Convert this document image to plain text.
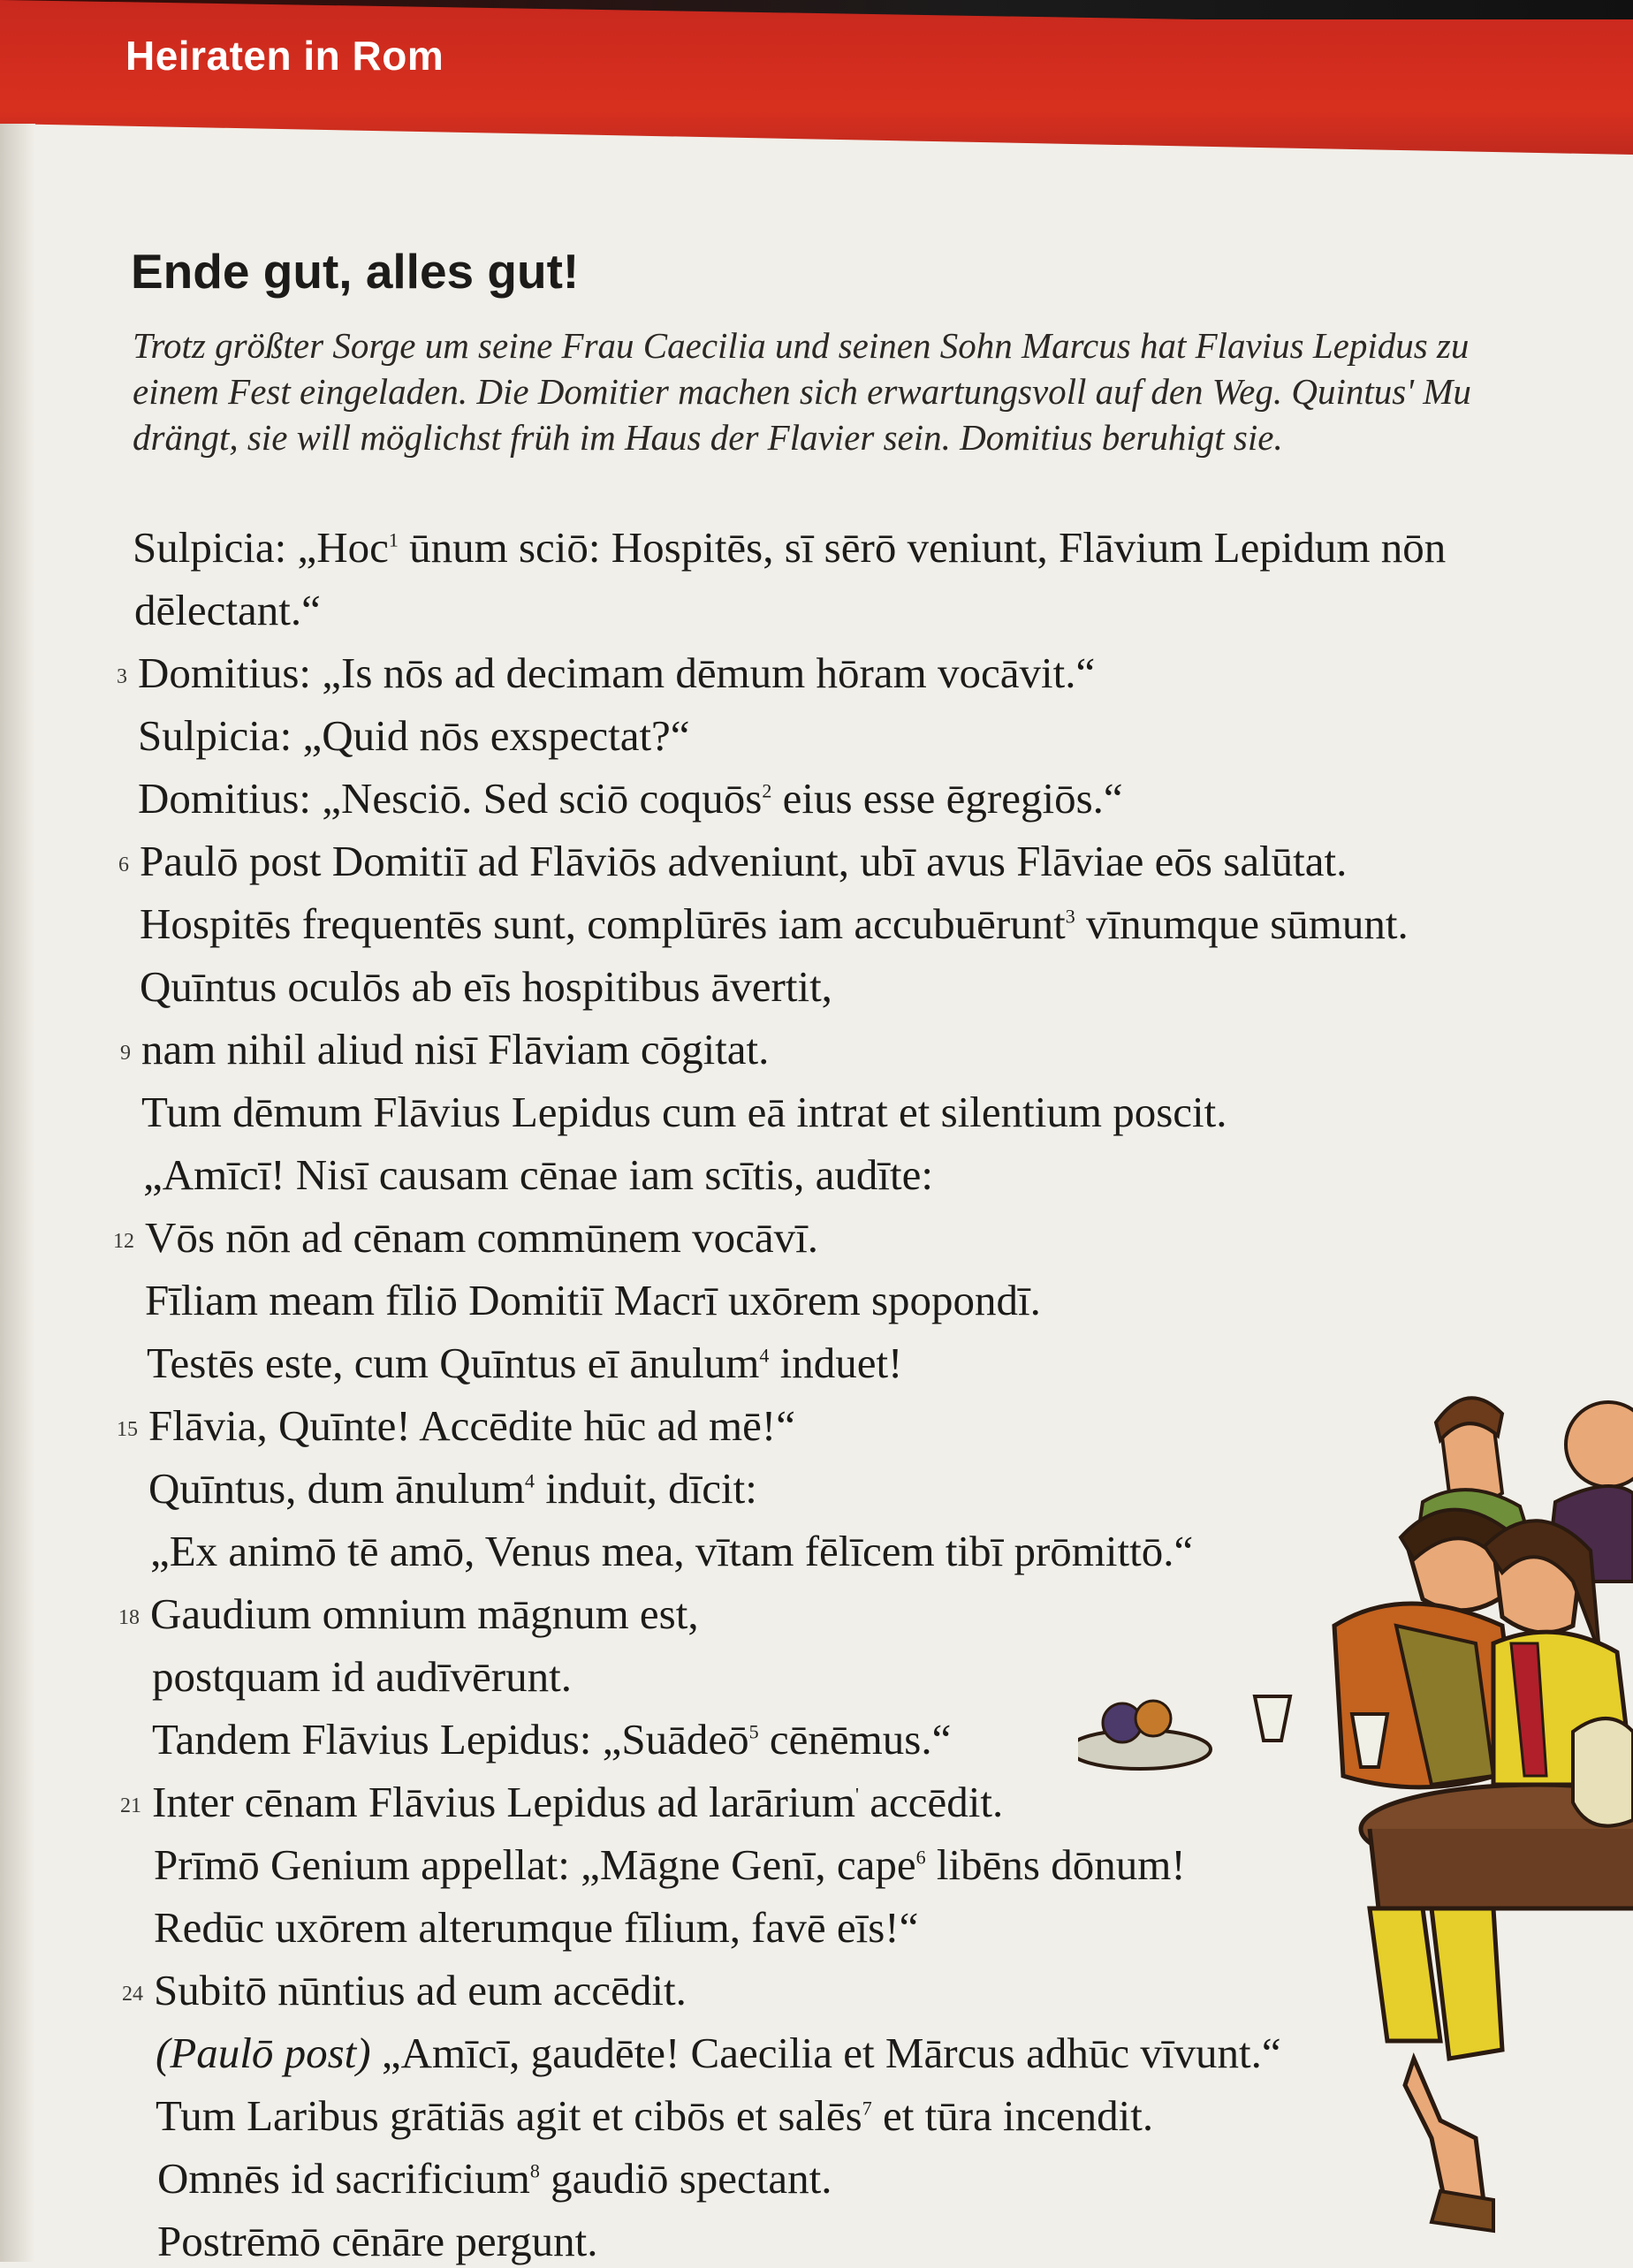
Heiraten in Rom
Ende gut, alles gut!
Trotz größter Sorge um seine Frau Caecilia und seinen Sohn Marcus hat Flavius Lepidus zu
einem Fest eingeladen. Die Domitier machen sich erwartungsvoll auf den Weg. Quintus' Mu
drängt, sie will möglichst früh im Haus der Flavier sein. Domitius beruhigt sie.
Sulpicia: „Hoc$^1$ ūnum sciō: Hospitēs, sī sērō veniunt, Flāvium Lepidum nōn
dēlectant.“
Domitius: „Is nōs ad decimam dēmum hōram vocāvit.“
Sulpicia: „Quid nōs exspectat?“
Domitius: „Nesciō. Sed sciō coquōs$^2$ eius esse ēgregiōs.“
Paulō post Domitiī ad Flāviōs adveniunt, ubī avus Flāviae eōs salūtat.
Hospitēs frequentēs sunt, complūrēs iam accubuērunt$^3$ vīnumque sūmunt.
Quīntus oculōs ab eīs hospitibus āvertit,
nam nihil aliud nisī Flāviam cōgitat.
Tum dēmum Flāvius Lepidus cum eā intrat et silentium poscit.
„Amīcī! Nisī causam cēnae iam scītis, audīte:
Vōs nōn ad cēnam commūnem vocāvī.
Fīliam meam fīliō Domitiī Macrī uxōrem spopondī.
Testēs este, cum Quīntus eī ānulum$^4$ induet!
Flāvia, Quīnte! Accēdite hūc ad mē!“
Quīntus, dum ānulum$^4$ induit, dīcit:
„Ex animō tē amō, Venus mea, vītam fēlīcem tibī prōmittō.“
Gaudium omnium māgnum est,
postquam id audīvērunt.
Tandem Flāvius Lepidus: „Suādeō$^5$ cēnēmus.“
Inter cēnam Flāvius Lepidus ad larārium' accēdit.
Prīmō Genium appellat: „Māgne Genī, cape$^6$ libēns dōnum!
Redūc uxōrem alterumque fīlium, favē eīs!“
Subitō nūntius ad eum accēdit.
(Paulō post) „Amīcī, gaudēte! Caecilia et Mārcus adhūc vīvunt.“
Tum Laribus grātiās agit et cibōs et salēs$^7$ et tūra incendit.
Omnēs id sacrificium$^8$ gaudiō spectant.
Postrēmō cēnāre pergunt.
3
6
9
12
15
18
21
24
